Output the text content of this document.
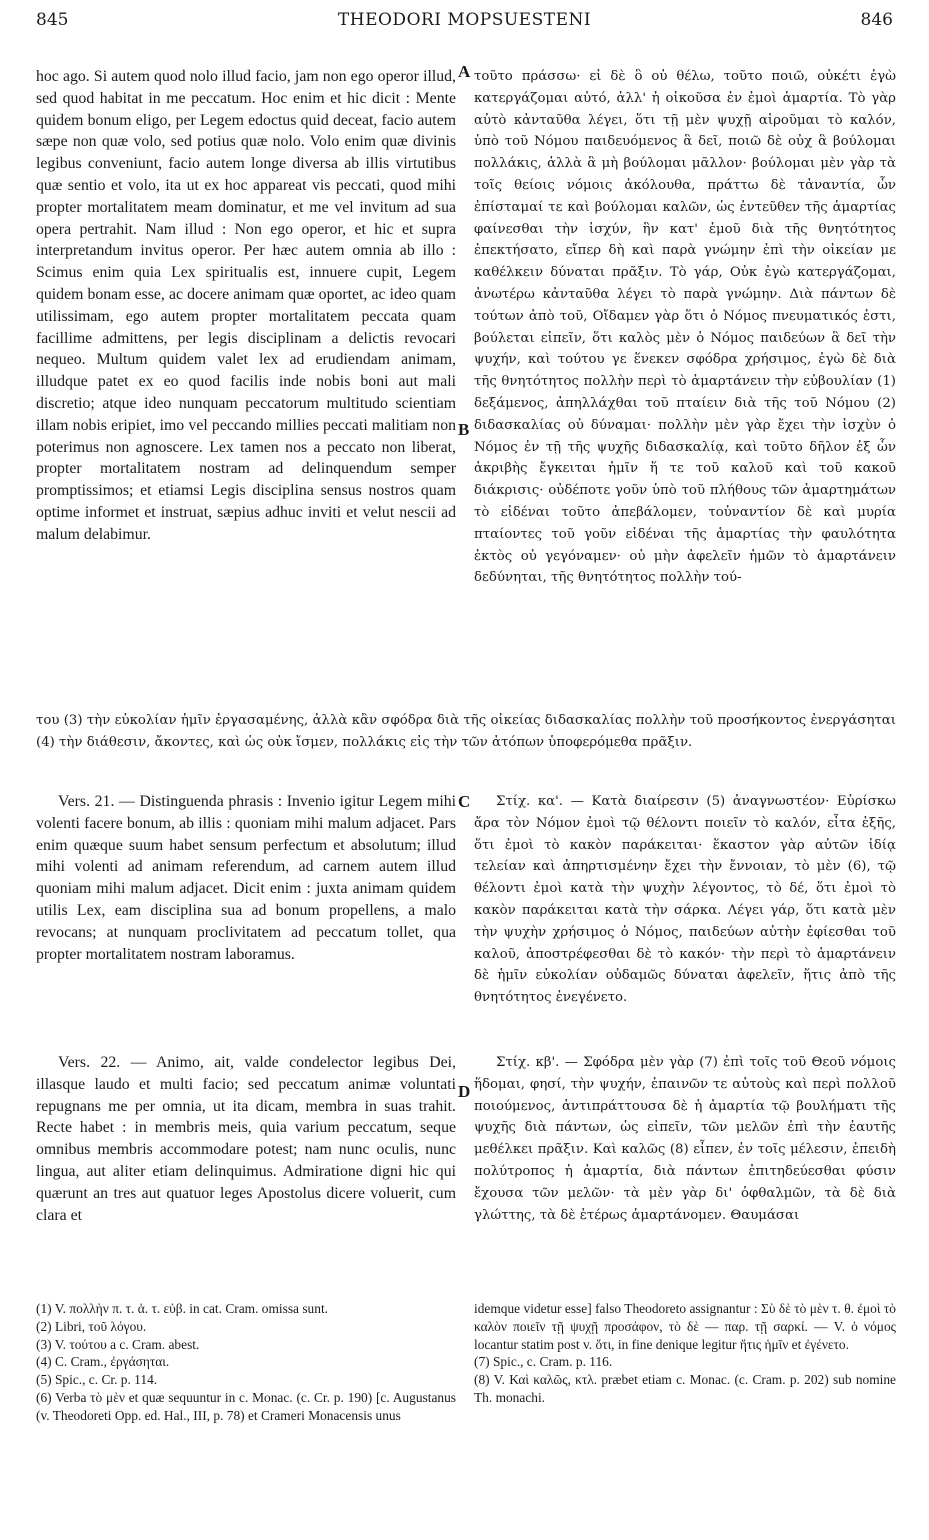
845	THEODORI MOPSUESTENI	846
A
B
C
D

hoc ago. Si autem quod nolo illud facio, jam non ego operor illud, sed quod habitat in me peccatum. Hoc enim et hic dicit : Mente quidem bonum eligo, per Legem edoctus quid deceat, facio autem sæpe non quæ volo, sed potius quæ nolo. Volo enim quæ divinis legibus conveniunt, facio autem longe diversa ab illis virtutibus quæ sentio et volo, ita ut ex hoc appareat vis peccati, quod mihi propter mortalitatem meam dominatur, et me vel invitum ad sua opera pertrahit. Nam illud : Non ego operor, et hic et supra interpretandum invitus operor. Per hæc autem omnia ab illo : Scimus enim quia Lex spiritualis est, innuere cupit, Legem quidem bonam esse, ac docere animam quæ oportet, ac ideo quam utilissimam, ego autem propter mortalitatem peccata quam facillime admittens, per legis disciplinam a delictis revocari nequeo. Multum quidem valet lex ad erudiendam animam, illudque patet ex eo quod facilis inde nobis boni aut mali discretio; atque ideo nunquam peccatorum multitudo scientiam illam nobis eripiet, imo vel peccando millies peccati malitiam non poterimus non agnoscere. Lex tamen nos a peccato non liberat, propter mortalitatem nostram ad delinquendum semper promptissimos; et etiamsi Legis disciplina sensus nostros quam optime informet et instruat, sæpius adhuc inviti et velut nescii ad malum delabimur.

τοῦτο πράσσω· εἰ δὲ ὃ οὐ θέλω, τοῦτο ποιῶ, οὐκέτι ἐγὼ κατεργάζομαι αὐτό, ἀλλ' ἡ οἰκοῦσα ἐν ἐμοὶ ἁμαρτία. Τὸ γὰρ αὐτὸ κἀνταῦθα λέγει, ὅτι τῇ μὲν ψυχῇ αἱροῦμαι τὸ καλόν, ὑπὸ τοῦ Νόμου παιδευόμενος ἃ δεῖ, ποιῶ δὲ οὐχ ἃ βούλομαι πολλάκις, ἀλλὰ ἃ μὴ βούλομαι μᾶλλον· βούλομαι μὲν γὰρ τὰ τοῖς θείοις νόμοις ἀκόλουθα, πράττω δὲ τἀναντία, ὧν ἐπίσταμαί τε καὶ βούλομαι καλῶν, ὡς ἐντεῦθεν τῆς ἁμαρτίας φαίνεσθαι τὴν ἰσχύν, ἣν κατ' ἐμοῦ διὰ τῆς θνητότητος ἐπεκτήσατο, εἴπερ δὴ καὶ παρὰ γνώμην ἐπὶ τὴν οἰκείαν με καθέλκειν δύναται πρᾶξιν. Τὸ γάρ, Οὐκ ἐγὼ κατεργάζομαι, ἀνωτέρω κἀνταῦθα λέγει τὸ παρὰ γνώμην. Διὰ πάντων δὲ τούτων ἀπὸ τοῦ, Οἴδαμεν γὰρ ὅτι ὁ Νόμος πνευματικός ἐστι, βούλεται εἰπεῖν, ὅτι καλὸς μὲν ὁ Νόμος παιδεύων ἃ δεῖ τὴν ψυχήν, καὶ τούτου γε ἕνεκεν σφόδρα χρήσιμος, ἐγὼ δὲ διὰ τῆς θνητότητος πολλὴν περὶ τὸ ἁμαρτάνειν τὴν εὐβουλίαν (1) δεξάμενος, ἀπηλλάχθαι τοῦ πταίειν διὰ τῆς τοῦ Νόμου (2) διδασκαλίας οὐ δύναμαι· πολλὴν μὲν γὰρ ἔχει τὴν ἰσχὺν ὁ Νόμος ἐν τῇ τῆς ψυχῆς διδασκαλίᾳ, καὶ τοῦτο δῆλον ἐξ ὧν ἀκριβὴς ἔγκειται ἡμῖν ἥ τε τοῦ καλοῦ καὶ τοῦ κακοῦ διάκρισις· οὐδέποτε γοῦν ὑπὸ τοῦ πλήθους τῶν ἁμαρτημάτων τὸ εἰδέναι τοῦτο ἀπεβάλομεν, τοὐναντίον δὲ καὶ μυρία πταίοντες τοῦ γοῦν εἰδέναι τῆς ἁμαρτίας τὴν φαυλότητα ἐκτὸς οὐ γεγόναμεν· οὐ μὴν ἀφελεῖν ἡμῶν τὸ ἁμαρτάνειν δεδύνηται, τῆς θνητότητος πολλὴν τού-

του (3) τὴν εὐκολίαν ἡμῖν ἐργασαμένης, ἀλλὰ κἂν σφόδρα διὰ τῆς οἰκείας διδασκαλίας πολλὴν τοῦ προσήκοντος ἐνεργάσηται (4) τὴν διάθεσιν, ἄκοντες, καὶ ὡς οὐκ ἴσμεν, πολλάκις εἰς τὴν τῶν ἀτόπων ὑποφερόμεθα πρᾶξιν.

Vers. 21. — Distinguenda phrasis : Invenio igitur Legem mihi volenti facere bonum, ab illis : quoniam mihi malum adjacet. Pars enim quæque suum habet sensum perfectum et absolutum; illud mihi volenti ad animam referendum, ad carnem autem illud quoniam mihi malum adjacet. Dicit enim : juxta animam quidem utilis Lex, eam disciplina sua ad bonum propellens, a malo revocans; at nunquam proclivitatem ad peccatum tollet, qua propter mortalitatem nostram laboramus.

Στίχ. κα'. — Κατὰ διαίρεσιν (5) ἀναγνωστέον· Εὑρίσκω ἄρα τὸν Νόμον ἐμοὶ τῷ θέλοντι ποιεῖν τὸ καλόν, εἶτα ἑξῆς, ὅτι ἐμοὶ τὸ κακὸν παράκειται· ἕκαστον γὰρ αὐτῶν ἰδίᾳ τελείαν καὶ ἀπηρτισμένην ἔχει τὴν ἔννοιαν, τὸ μὲν (6), τῷ θέλοντι ἐμοὶ κατὰ τὴν ψυχὴν λέγοντος, τὸ δέ, ὅτι ἐμοὶ τὸ κακὸν παράκειται κατὰ τὴν σάρκα. Λέγει γάρ, ὅτι κατὰ μὲν τὴν ψυχὴν χρήσιμος ὁ Νόμος, παιδεύων αὐτὴν ἐφίεσθαι τοῦ καλοῦ, ἀποστρέφεσθαι δὲ τὸ κακόν· τὴν περὶ τὸ ἁμαρτάνειν δὲ ἡμῖν εὐκολίαν οὐδαμῶς δύναται ἀφελεῖν, ἥτις ἀπὸ τῆς θνητότητος ἐνεγένετο.

Vers. 22. — Animo, ait, valde condelector legibus Dei, illasque laudo et multi facio; sed peccatum animæ voluntati repugnans me per omnia, ut ita dicam, membra in suas trahit. Recte habet : in membris meis, quia varium peccatum, seque omnibus membris accommodare potest; nam nunc oculis, nunc lingua, aut aliter etiam delinquimus. Admiratione digni hic qui quærunt an tres aut quatuor leges Apostolus dicere voluerit, cum clara et

Στίχ. κβ'. — Σφόδρα μὲν γὰρ (7) ἐπὶ τοῖς τοῦ Θεοῦ νόμοις ἥδομαι, φησί, τὴν ψυχήν, ἐπαινῶν τε αὐτοὺς καὶ περὶ πολλοῦ ποιούμενος, ἀντιπράττουσα δὲ ἡ ἁμαρτία τῷ βουλήματι τῆς ψυχῆς διὰ πάντων, ὡς εἰπεῖν, τῶν μελῶν ἐπὶ τὴν ἑαυτῆς μεθέλκει πρᾶξιν. Καὶ καλῶς (8) εἶπεν, ἐν τοῖς μέλεσιν, ἐπειδὴ πολύτροπος ἡ ἁμαρτία, διὰ πάντων ἐπιτηδεύεσθαι φύσιν ἔχουσα τῶν μελῶν· τὰ μὲν γὰρ δι' ὀφθαλμῶν, τὰ δὲ διὰ γλώττης, τὰ δὲ ἑτέρως ἁμαρτάνομεν. Θαυμάσαι

(1) V. πολλὴν π. τ. ἁ. τ. εὐβ. in cat. Cram. omissa sunt.

(2) Libri, τοῦ λόγου.

(3) V. τούτου a c. Cram. abest.

(4) C. Cram., ἐργάσηται.

(5) Spic., c. Cr. p. 114.

(6) Verba τὸ μὲν et quæ sequuntur in c. Monac. (c. Cr. p. 190) [c. Augustanus (v. Theodoreti Opp. ed. Hal., III, p. 78) et Crameri Monacensis unus

idemque videtur esse] falso Theodoreto assignantur : Σὺ δὲ τὸ μὲν τ. θ. ἐμοὶ τὸ καλὸν ποιεῖν τῇ ψυχῇ προσάφον, τὸ δὲ — παρ. τῇ σαρκί. — V. ὁ νόμος locantur statim post v. ὅτι, in fine denique legitur ἥτις ἡμῖν et ἐγένετο.

(7) Spic., c. Cram. p. 116.

(8) V. Καὶ καλῶς, κτλ. præbet etiam c. Monac. (c. Cram. p. 202) sub nomine Th. monachi.
